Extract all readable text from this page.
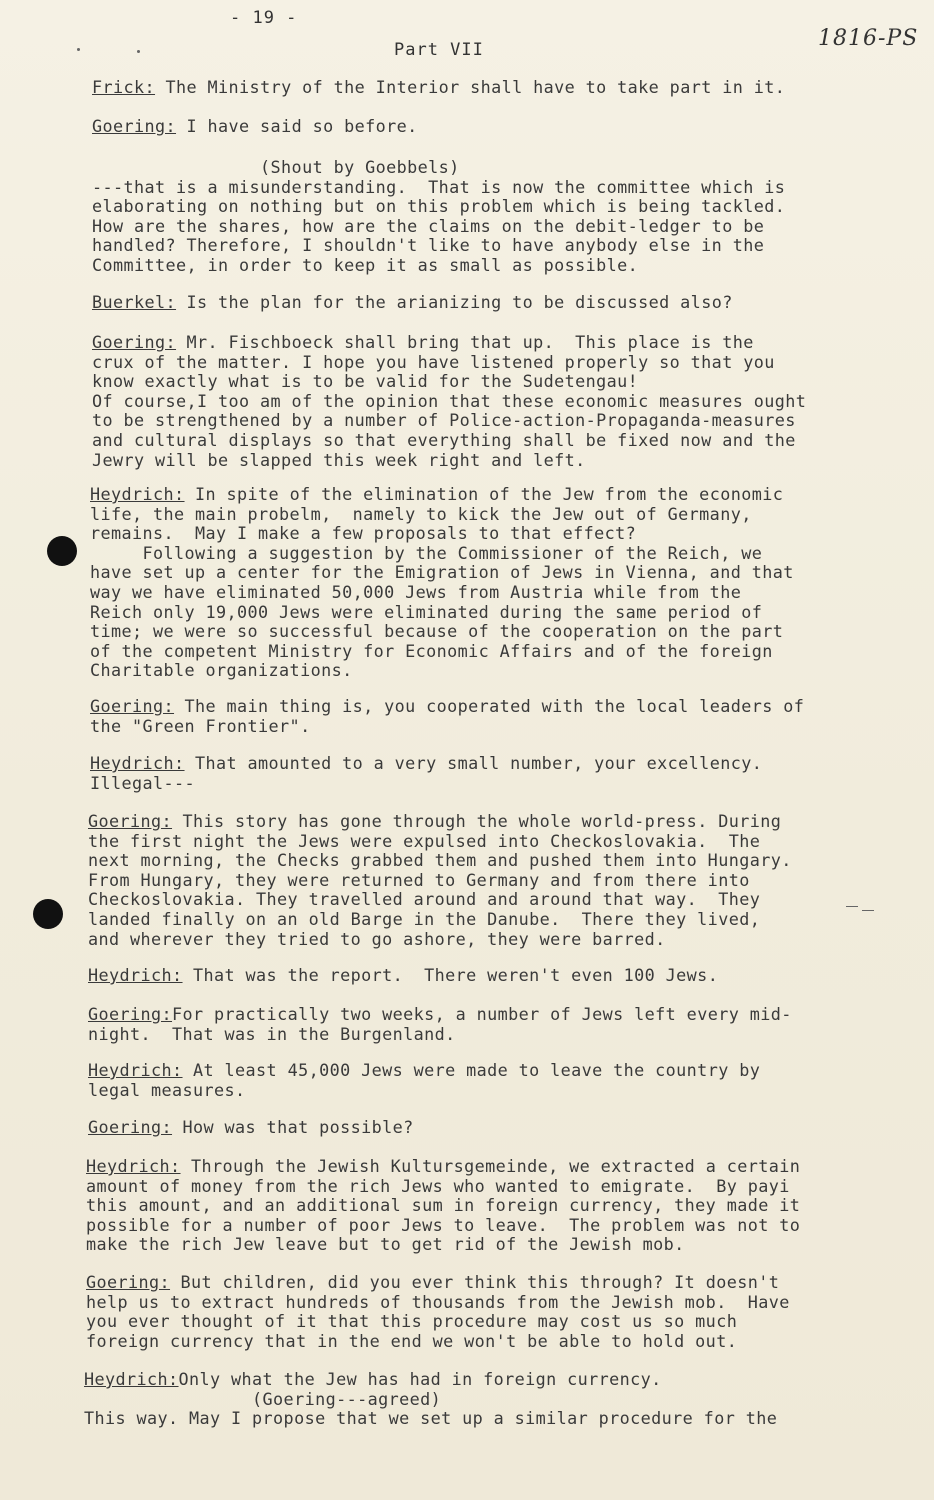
- 19 -
Part VII	1816-PS
Frick: The Ministry of the Interior shall have to take part in it.
Goering: I have said so before.
(Shout by Goebbels)
---that is a misunderstanding.  That is now the committee which is
elaborating on nothing but on this problem which is being tackled.
How are the shares, how are the claims on the debit-ledger to be
handled? Therefore, I shouldn't like to have anybody else in the
Committee, in order to keep it as small as possible.
Buerkel: Is the plan for the arianizing to be discussed also?
Goering: Mr. Fischboeck shall bring that up.  This place is the
crux of the matter. I hope you have listened properly so that you
know exactly what is to be valid for the Sudetengau!
Of course,I too am of the opinion that these economic measures ought
to be strengthened by a number of Police-action-Propaganda-measures
and cultural displays so that everything shall be fixed now and the
Jewry will be slapped this week right and left.
Heydrich: In spite of the elimination of the Jew from the economic
life, the main probelm,  namely to kick the Jew out of Germany,
remains.  May I make a few proposals to that effect?
Following a suggestion by the Commissioner of the Reich, we
have set up a center for the Emigration of Jews in Vienna, and that
way we have eliminated 50,000 Jews from Austria while from the
Reich only 19,000 Jews were eliminated during the same period of
time; we were so successful because of the cooperation on the part
of the competent Ministry for Economic Affairs and of the foreign
Charitable organizations.
Goering: The main thing is, you cooperated with the local leaders of
the "Green Frontier".
Heydrich: That amounted to a very small number, your excellency.
Illegal---
Goering: This story has gone through the whole world-press. During
the first night the Jews were expulsed into Checkoslovakia.  The
next morning, the Checks grabbed them and pushed them into Hungary.
From Hungary, they were returned to Germany and from there into
Checkoslovakia. They travelled around and around that way.  They
landed finally on an old Barge in the Danube.  There they lived,
and wherever they tried to go ashore, they were barred.
Heydrich: That was the report.  There weren't even 100 Jews.
Goering:For practically two weeks, a number of Jews left every mid-
night.  That was in the Burgenland.
Heydrich: At least 45,000 Jews were made to leave the country by
legal measures.
Goering: How was that possible?
Heydrich: Through the Jewish Kultursgemeinde, we extracted a certain
amount of money from the rich Jews who wanted to emigrate.  By payi
this amount, and an additional sum in foreign currency, they made it
possible for a number of poor Jews to leave.  The problem was not to
make the rich Jew leave but to get rid of the Jewish mob.
Goering: But children, did you ever think this through? It doesn't
help us to extract hundreds of thousands from the Jewish mob.  Have
you ever thought of it that this procedure may cost us so much
foreign currency that in the end we won't be able to hold out.
Heydrich:Only what the Jew has had in foreign currency.
(Goering---agreed)
This way. May I propose that we set up a similar procedure for the
